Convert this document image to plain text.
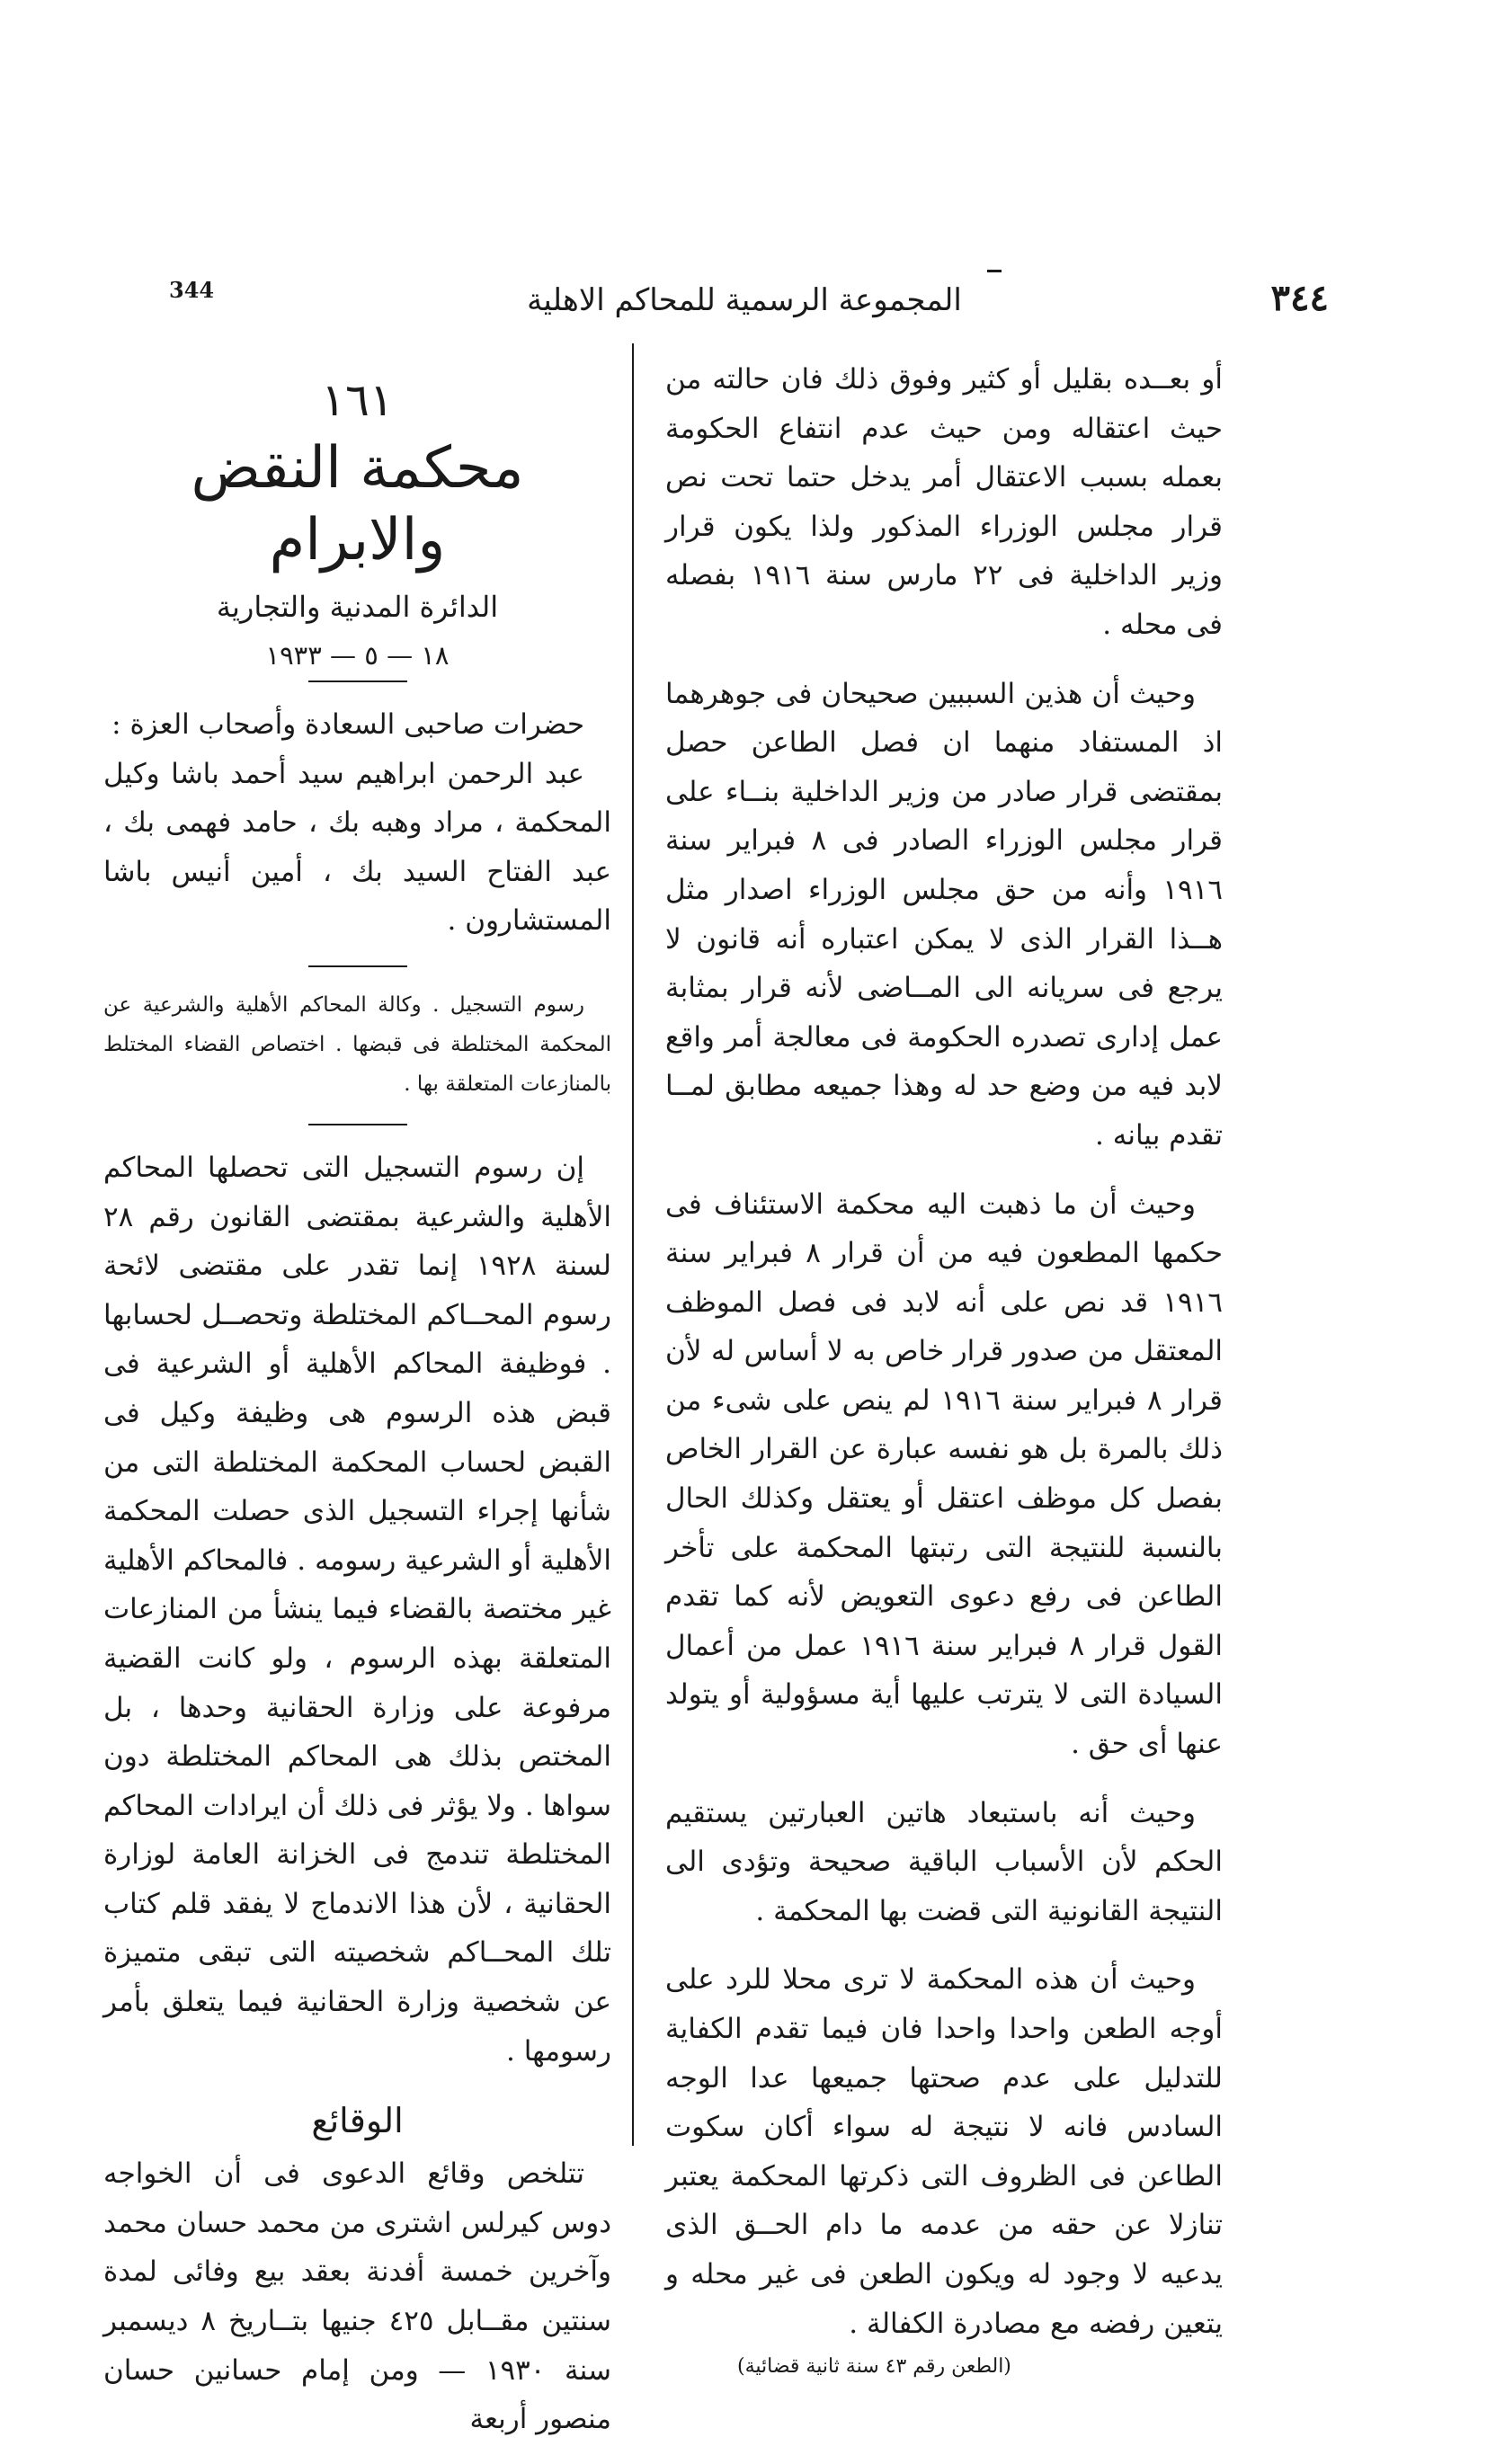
344	المجموعة الرسمية للمحاكم الاهلية	٣٤٤

أو بعــده بقليل أو كثير وفوق ذلك فان حالته من حيث اعتقاله ومن حيث عدم انتفاع الحكومة بعمله بسبب الاعتقال أمر يدخل حتما تحت نص قرار مجلس الوزراء المذكور ولذا يكون قرار وزير الداخلية فى ٢٢ مارس سنة ١٩١٦ بفصله فى محله .

وحيث أن هذين السببين صحيحان فى جوهرهما اذ المستفاد منهما ان فصل الطاعن حصل بمقتضى قرار صادر من وزير الداخلية بنــاء على قرار مجلس الوزراء الصادر فى ٨ فبراير سنة ١٩١٦ وأنه من حق مجلس الوزراء اصدار مثل هــذا القرار الذى لا يمكن اعتباره أنه قانون لا يرجع فى سريانه الى المــاضى لأنه قرار بمثابة عمل إدارى تصدره الحكومة فى معالجة أمر واقع لابد فيه من وضع حد له وهذا جميعه مطابق لمــا تقدم بيانه .

وحيث أن ما ذهبت اليه محكمة الاستئناف فى حكمها المطعون فيه من أن قرار ٨ فبراير سنة ١٩١٦ قد نص على أنه لابد فى فصل الموظف المعتقل من صدور قرار خاص به لا أساس له لأن قرار ٨ فبراير سنة ١٩١٦ لم ينص على شىء من ذلك بالمرة بل هو نفسه عبارة عن القرار الخاص بفصل كل موظف اعتقل أو يعتقل وكذلك الحال بالنسبة للنتيجة التى رتبتها المحكمة على تأخر الطاعن فى رفع دعوى التعويض لأنه كما تقدم القول قرار ٨ فبراير سنة ١٩١٦ عمل من أعمال السيادة التى لا يترتب عليها أية مسؤولية أو يتولد عنها أى حق .

وحيث أنه باستبعاد هاتين العبارتين يستقيم الحكم لأن الأسباب الباقية صحيحة وتؤدى الى النتيجة القانونية التى قضت بها المحكمة .

وحيث أن هذه المحكمة لا ترى محلا للرد على أوجه الطعن واحدا واحدا فان فيما تقدم الكفاية للتدليل على عدم صحتها جميعها عدا الوجه السادس فانه لا نتيجة له سواء أكان سكوت الطاعن فى الظروف التى ذكرتها المحكمة يعتبر تنازلا عن حقه من عدمه ما دام الحــق الذى يدعيه لا وجود له ويكون الطعن فى غير محله و يتعين رفضه مع مصادرة الكفالة .

(الطعن رقم ٤٣ سنة ثانية قضائية)
١٦١
محكمة النقض والابرام
الدائرة المدنية والتجارية
١٨ — ٥ — ١٩٣٣

حضرات صاحبى السعادة وأصحاب العزة :

عبد الرحمن ابراهيم سيد أحمد باشا وكيل المحكمة ، مراد وهبه بك ، حامد فهمى بك ، عبد الفتاح السيد بك ، أمين أنيس باشا المستشارون .

رسوم التسجيل . وكالة المحاكم الأهلية والشرعية عن المحكمة المختلطة فى قبضها . اختصاص القضاء المختلط بالمنازعات المتعلقة بها .

إن رسوم التسجيل التى تحصلها المحاكم الأهلية والشرعية بمقتضى القانون رقم ٢٨ لسنة ١٩٢٨ إنما تقدر على مقتضى لائحة رسوم المحــاكم المختلطة وتحصــل لحسابها . فوظيفة المحاكم الأهلية أو الشرعية فى قبض هذه الرسوم هى وظيفة وكيل فى القبض لحساب المحكمة المختلطة التى من شأنها إجراء التسجيل الذى حصلت المحكمة الأهلية أو الشرعية رسومه . فالمحاكم الأهلية غير مختصة بالقضاء فيما ينشأ من المنازعات المتعلقة بهذه الرسوم ، ولو كانت القضية مرفوعة على وزارة الحقانية وحدها ، بل المختص بذلك هى المحاكم المختلطة دون سواها . ولا يؤثر فى ذلك أن ايرادات المحاكم المختلطة تندمج فى الخزانة العامة لوزارة الحقانية ، لأن هذا الاندماج لا يفقد قلم كتاب تلك المحــاكم شخصيته التى تبقى متميزة عن شخصية وزارة الحقانية فيما يتعلق بأمر رسومها .

الوقائع

تتلخص وقائع الدعوى فى أن الخواجه دوس كيرلس اشترى من محمد حسان محمد وآخرين خمسة أفدنة بعقد بيع وفائى لمدة سنتين مقــابل ٤٢٥ جنيها بتــاريخ ٨ ديسمبر سنة ١٩٣٠ — ومن إمام حسانين حسان منصور أربعة
